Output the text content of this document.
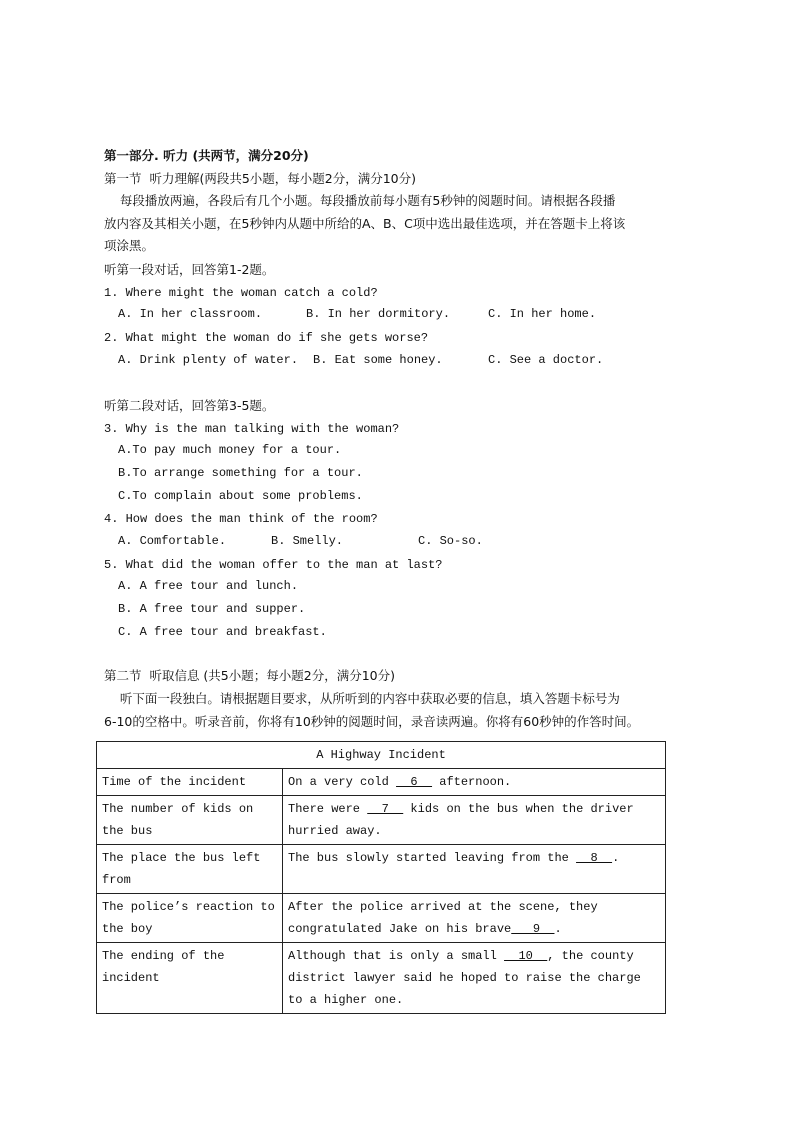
第一部分. 听力 (共两节，满分20分)
第一节  听力理解(两段共5小题，每小题2分，满分10分)
每段播放两遍，各段后有几个小题。每段播放前每小题有5秒钟的阅题时间。请根据各段播
放内容及其相关小题，在5秒钟内从题中所给的A、B、C项中选出最佳选项，并在答题卡上将该
项涂黑。
听第一段对话，回答第1-2题。
1. Where might the woman catch a cold?
A. In her classroom.	B. In her dormitory.	C. In her home.
2. What might the woman do if she gets worse?
A. Drink plenty of water. B. Eat some honey.	C. See a doctor.
听第二段对话，回答第3-5题。
3. Why is the man talking with the woman?
A.To pay much money for a tour.
B.To arrange something for a tour.
C.To complain about some problems.
4. How does the man think of the room?
A. Comfortable.	B. Smelly.	C. So-so.
5. What did the woman offer to the man at last?
A. A free tour and lunch.
B. A free tour and supper.
C. A free tour and breakfast.
第二节  听取信息 (共5小题；每小题2分，满分10分)
听下面一段独白。请根据题目要求，从所听到的内容中获取必要的信息，填入答题卡标号为
6-10的空格中。听录音前，你将有10秒钟的阅题时间，录音读两遍。你将有60秒钟的作答时间。
A Highway Incident	
Time of the incident	On a very cold   6   afternoon.
The number of kids on the bus	There were   7   kids on the bus when the driver hurried away.
The place the bus left from	The bus slowly started leaving from the   8  .
The police’s reaction to the boy	After the police arrived at the scene, they congratulated Jake on his brave   9  .
The ending of the incident	Although that is only a small   10  , the county district lawyer said he hoped to raise the charge to a higher one.
